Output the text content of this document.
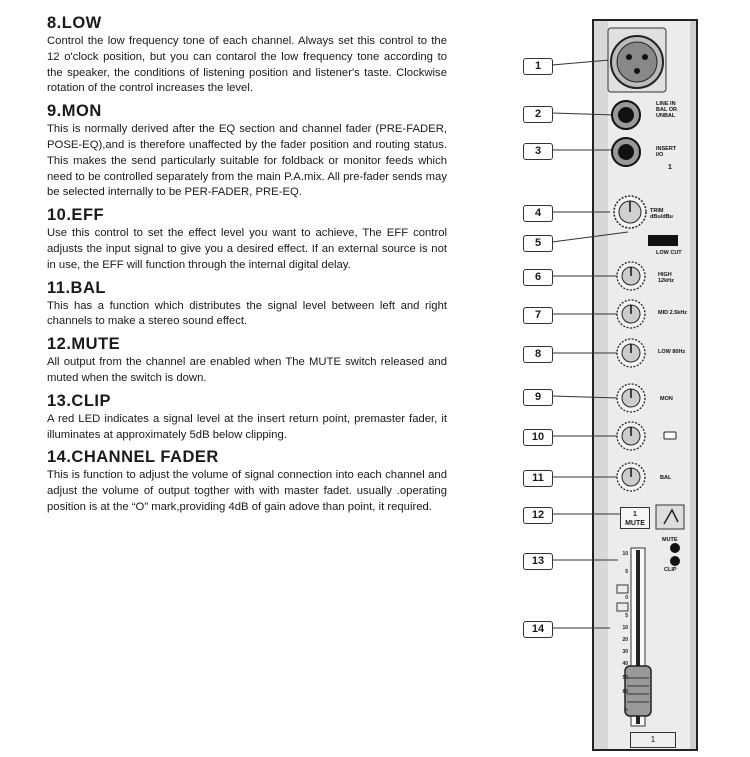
8.LOW

Control the low frequency tone of each channel. Always set this control to the 12 o'clock position, but you can contarol the low frequency tone according to the speaker, the conditions of listening position and listener's taste. Clockwise rotation of the control increases the level.

9.MON

This is normally derived after the EQ section and channel fader (PRE-FADER, POSE-EQ),and is therefore unaffected by the fader position and routing status. This makes the send particularly suitable for foldback or monitor feeds which need to be controlled separately from the main P.A.mix. All pre-fader sends may be selected internally to be PER-FADER, PRE-EQ.

10.EFF

Use this control to set the effect level you want to achieve, The EFF control adjusts the input signal to give you a desired effect. If an external source is not in use, the EFF will function through the internal digital delay.

11.BAL

This has a function which distributes the signal level between left and right channels to make a stereo sound effect.

12.MUTE

All output from the channel are enabled when The MUTE switch released and muted when the switch is down.

13.CLIP

A red LED indicates a signal level at the insert return point, premaster fader, it illuminates at approximately 5dB below clipping.

14.CHANNEL FADER

This is function to adjust the volume of signal connection into each channel and adjust the volume of output togther with with master fadet. usually .operating position is at the “O” mark,providing 4dB of gain adove than point, it required.

1
2
3
4
5
6
7
8
9
10
11
12
13
14
LINE IN BAL OR UNBAL
INSERT I/O
1
TRIM dBu/dBu
LOW CUT
HIGH 12kHz
MID 2.5kHz
LOW 80Hz
MON
BAL
1
MUTE
MUTE
CLIP
10
5
0
5
10
20
30
40
50
60
∞
1
